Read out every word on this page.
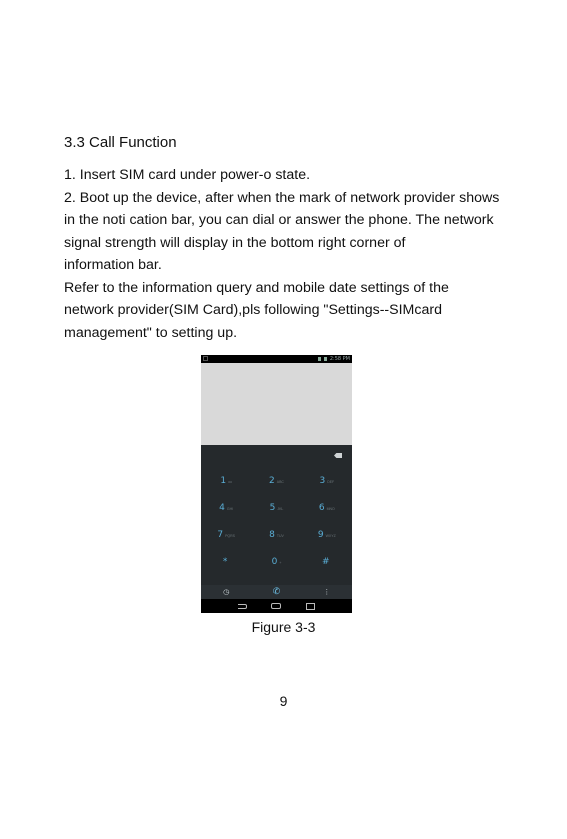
3.3 Call Function

1. Insert SIM card under power-o state.

2. Boot up the device, after when the mark of network provider shows

in the noti cation bar, you can dial or answer the phone. The network

signal strength will display in the bottom right corner of

information bar.

Refer to the information query and mobile date settings of the

network provider(SIM Card),pls following "Settings--SIMcard

management" to setting up.

2:58 PM
1 oo	2 ABC	3 DEF
4 GHI	5 JKL	6 MNO
7 PQRS	8 TUV	9 WXYZ
*	0 +	#
◷	✆	⋮
Figure 3-3
9
